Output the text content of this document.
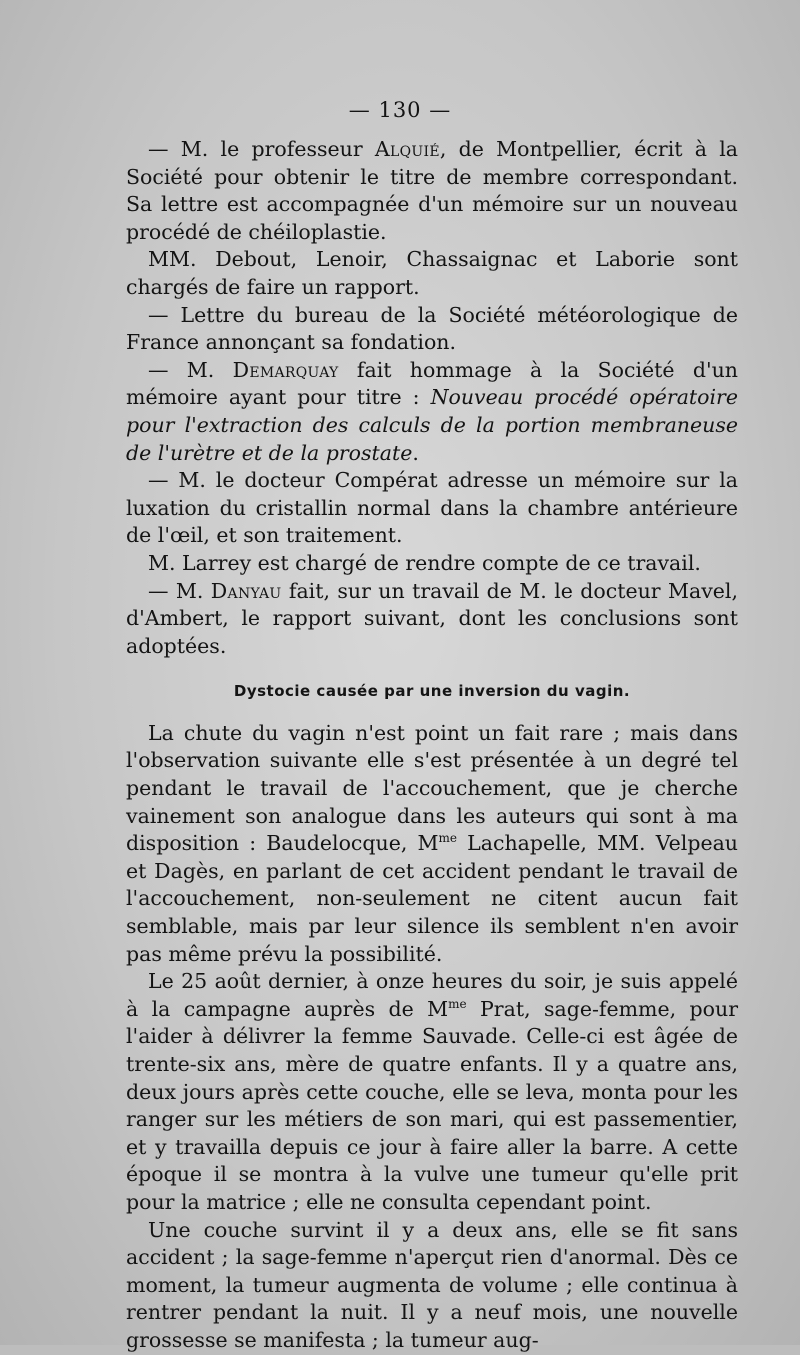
— 130 —

— M. le professeur Alquié, de Montpellier, écrit à la Société pour obtenir le titre de membre correspondant. Sa lettre est accompagnée d'un mémoire sur un nouveau procédé de chéiloplastie.

MM. Debout, Lenoir, Chassaignac et Laborie sont chargés de faire un rapport.

— Lettre du bureau de la Société météorologique de France annonçant sa fondation.

— M. Demarquay fait hommage à la Société d'un mémoire ayant pour titre : Nouveau procédé opératoire pour l'extraction des calculs de la portion membraneuse de l'urètre et de la prostate.

— M. le docteur Compérat adresse un mémoire sur la luxation du cristallin normal dans la chambre antérieure de l'œil, et son traitement.

M. Larrey est chargé de rendre compte de ce travail.

— M. Danyau fait, sur un travail de M. le docteur Mavel, d'Ambert, le rapport suivant, dont les conclusions sont adoptées.

Dystocie causée par une inversion du vagin.

La chute du vagin n'est point un fait rare ; mais dans l'observation suivante elle s'est présentée à un degré tel pendant le travail de l'accouchement, que je cherche vainement son analogue dans les auteurs qui sont à ma disposition : Baudelocque, $M^{me}$ Lachapelle, MM. Velpeau et Dagès, en parlant de cet accident pendant le travail de l'accouchement, non-seulement ne citent aucun fait semblable, mais par leur silence ils semblent n'en avoir pas même prévu la possibilité.

Le 25 août dernier, à onze heures du soir, je suis appelé à la campagne auprès de $M^{me}$ Prat, sage-femme, pour l'aider à délivrer la femme Sauvade. Celle-ci est âgée de trente-six ans, mère de quatre enfants. Il y a quatre ans, deux jours après cette couche, elle se leva, monta pour les ranger sur les métiers de son mari, qui est passementier, et y travailla depuis ce jour à faire aller la barre. A cette époque il se montra à la vulve une tumeur qu'elle prit pour la matrice ; elle ne consulta cependant point.

Une couche survint il y a deux ans, elle se fit sans accident ; la sage-femme n'aperçut rien d'anormal. Dès ce moment, la tumeur augmenta de volume ; elle continua à rentrer pendant la nuit. Il y a neuf mois, une nouvelle grossesse se manifesta ; la tumeur aug-
